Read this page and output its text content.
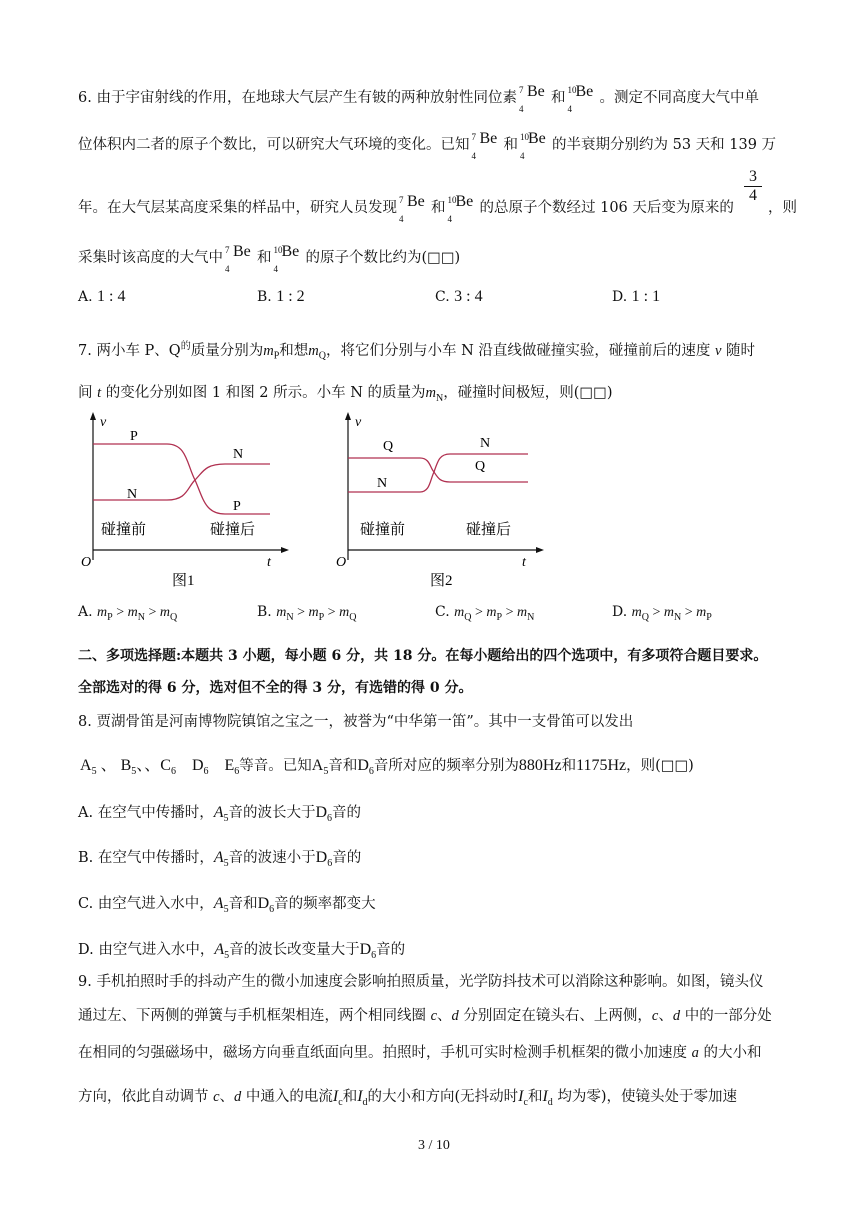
6. 由于宇宙射线的作用，在地球大气层产生有铍的两种放射性同位素 7
4
Be 和 10
4
Be 。测定不同高度大气中单
位体积内二者的原子个数比，可以研究大气环境的变化。已知 7
4
Be 和 10
4
Be 的半衰期分别约为 53 天和 139 万
年。在大气层某高度采集的样品中，研究人员发现 7
4
Be 和 10
4
Be 的总原子个数经过 106 天后变为原来的
$\frac{3}{4}$
，则
采集时该高度的大气中 7
4
Be 和 10
4
Be 的原子个数比约为(□□)
A. 1 : 4	B. 1 : 2	C. 3 : 4	D. 1 : 1
7. 两小车 P、$Q^的$质量分别为$m_P$和想$m_Q$，将它们分别与小车 N 沿直线做碰撞实验，碰撞前后的速度 v 随时
间 t 的变化分别如图 1 和图 2 所示。小车 N 的质量为$m_N$，碰撞时间极短，则(□□)
v
O	t
P
N
N
P
碰撞前	碰撞后
图1
v
O	t
Q
N
N
Q
碰撞前	碰撞后
图2
A. $m_P > m_N > m_Q$	B. $m_N > m_P > m_Q$	C. $m_Q > m_P > m_N$	D. $m_Q > m_N > m_P$
二、多项选择题:本题共 3 小题，每小题 6 分，共 18 分。在每小题给出的四个选项中，有多项符合题目要求。
全部选对的得 6 分，选对但不全的得 3 分，有选错的得 0 分。
8. 贾湖骨笛是河南博物院镇馆之宝之一，被誉为“中华第一笛”。其中一支骨笛可以发出
$A_5$ 、 $B_5$、、$C_6$ $D_6$ $E_6$等音。已知$A_5$音和$D_6$音所对应的频率分别为880Hz和1175Hz，则(□□)
A. 在空气中传播时，$A_5$音的波长大于$D_6$音的
B. 在空气中传播时，$A_5$音的波速小于$D_6$音的
C. 由空气进入水中，$A_5$音和$D_6$音的频率都变大
D. 由空气进入水中，$A_5$音的波长改变量大于$D_6$音的
9. 手机拍照时手的抖动产生的微小加速度会影响拍照质量，光学防抖技术可以消除这种影响。如图，镜头仪
通过左、下两侧的弹簧与手机框架相连，两个相同线圈 c、d 分别固定在镜头右、上两侧，c、d 中的一部分处
在相同的匀强磁场中，磁场方向垂直纸面向里。拍照时，手机可实时检测手机框架的微小加速度 a 的大小和
方向，依此自动调节 c、d 中通入的电流$I_c$和$I_d$的大小和方向(无抖动时$I_c$和$I_d$ 均为零)，使镜头处于零加速
3 / 10
